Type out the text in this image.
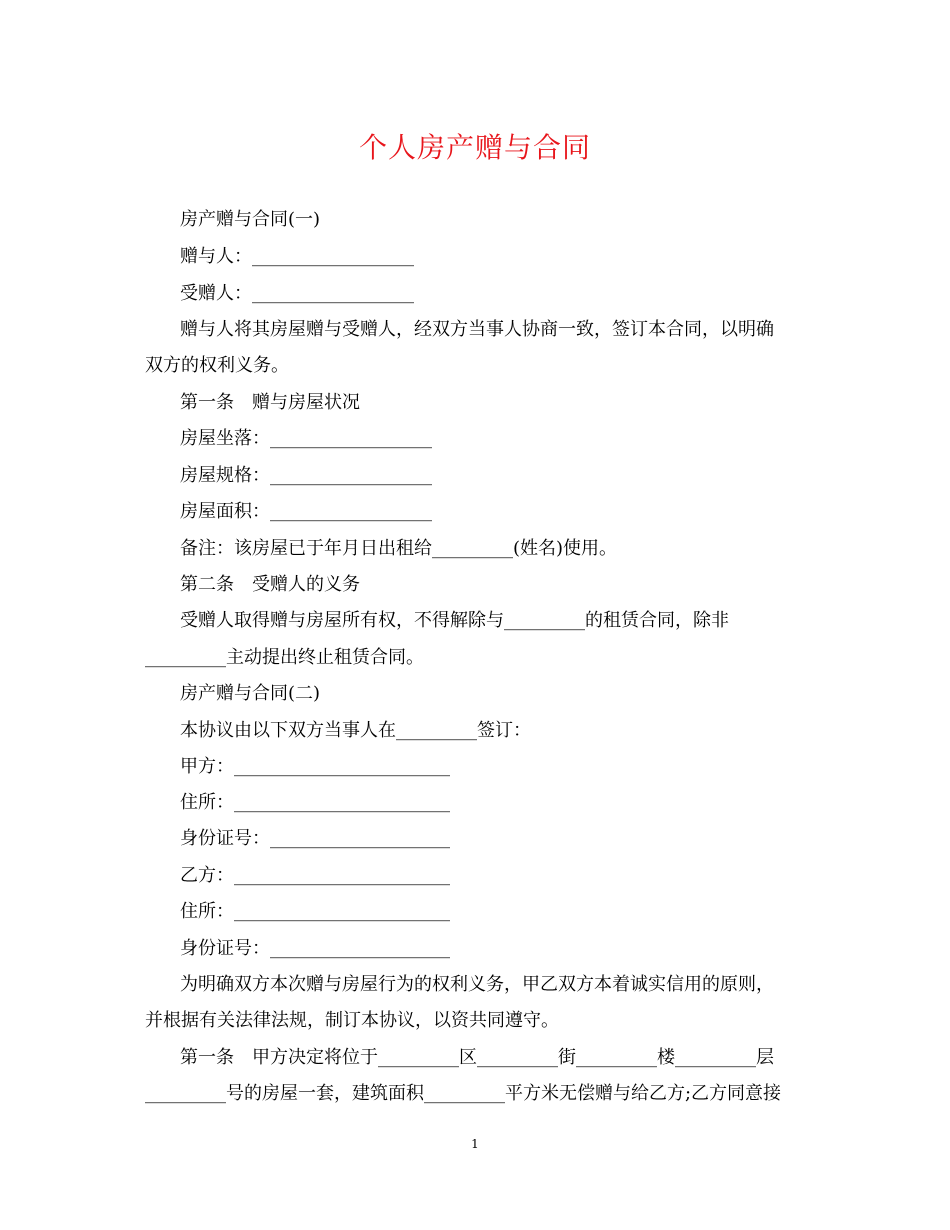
个人房产赠与合同
房产赠与合同(一)
赠与人：__________________
受赠人：__________________
赠与人将其房屋赠与受赠人，经双方当事人协商一致，签订本合同，以明确
双方的权利义务。
第一条　赠与房屋状况
房屋坐落：__________________
房屋规格：__________________
房屋面积：__________________
备注：该房屋已于年月日出租给_________(姓名)使用。
第二条　受赠人的义务
受赠人取得赠与房屋所有权，不得解除与_________的租赁合同，除非
_________主动提出终止租赁合同。
房产赠与合同(二)
本协议由以下双方当事人在_________签订：
甲方：________________________
住所：________________________
身份证号：____________________
乙方：________________________
住所：________________________
身份证号：____________________
为明确双方本次赠与房屋行为的权利义务，甲乙双方本着诚实信用的原则，
并根据有关法律法规，制订本协议，以资共同遵守。
第一条　甲方决定将位于_________区_________街_________楼_________层
_________号的房屋一套，建筑面积_________平方米无偿赠与给乙方;乙方同意接
1
